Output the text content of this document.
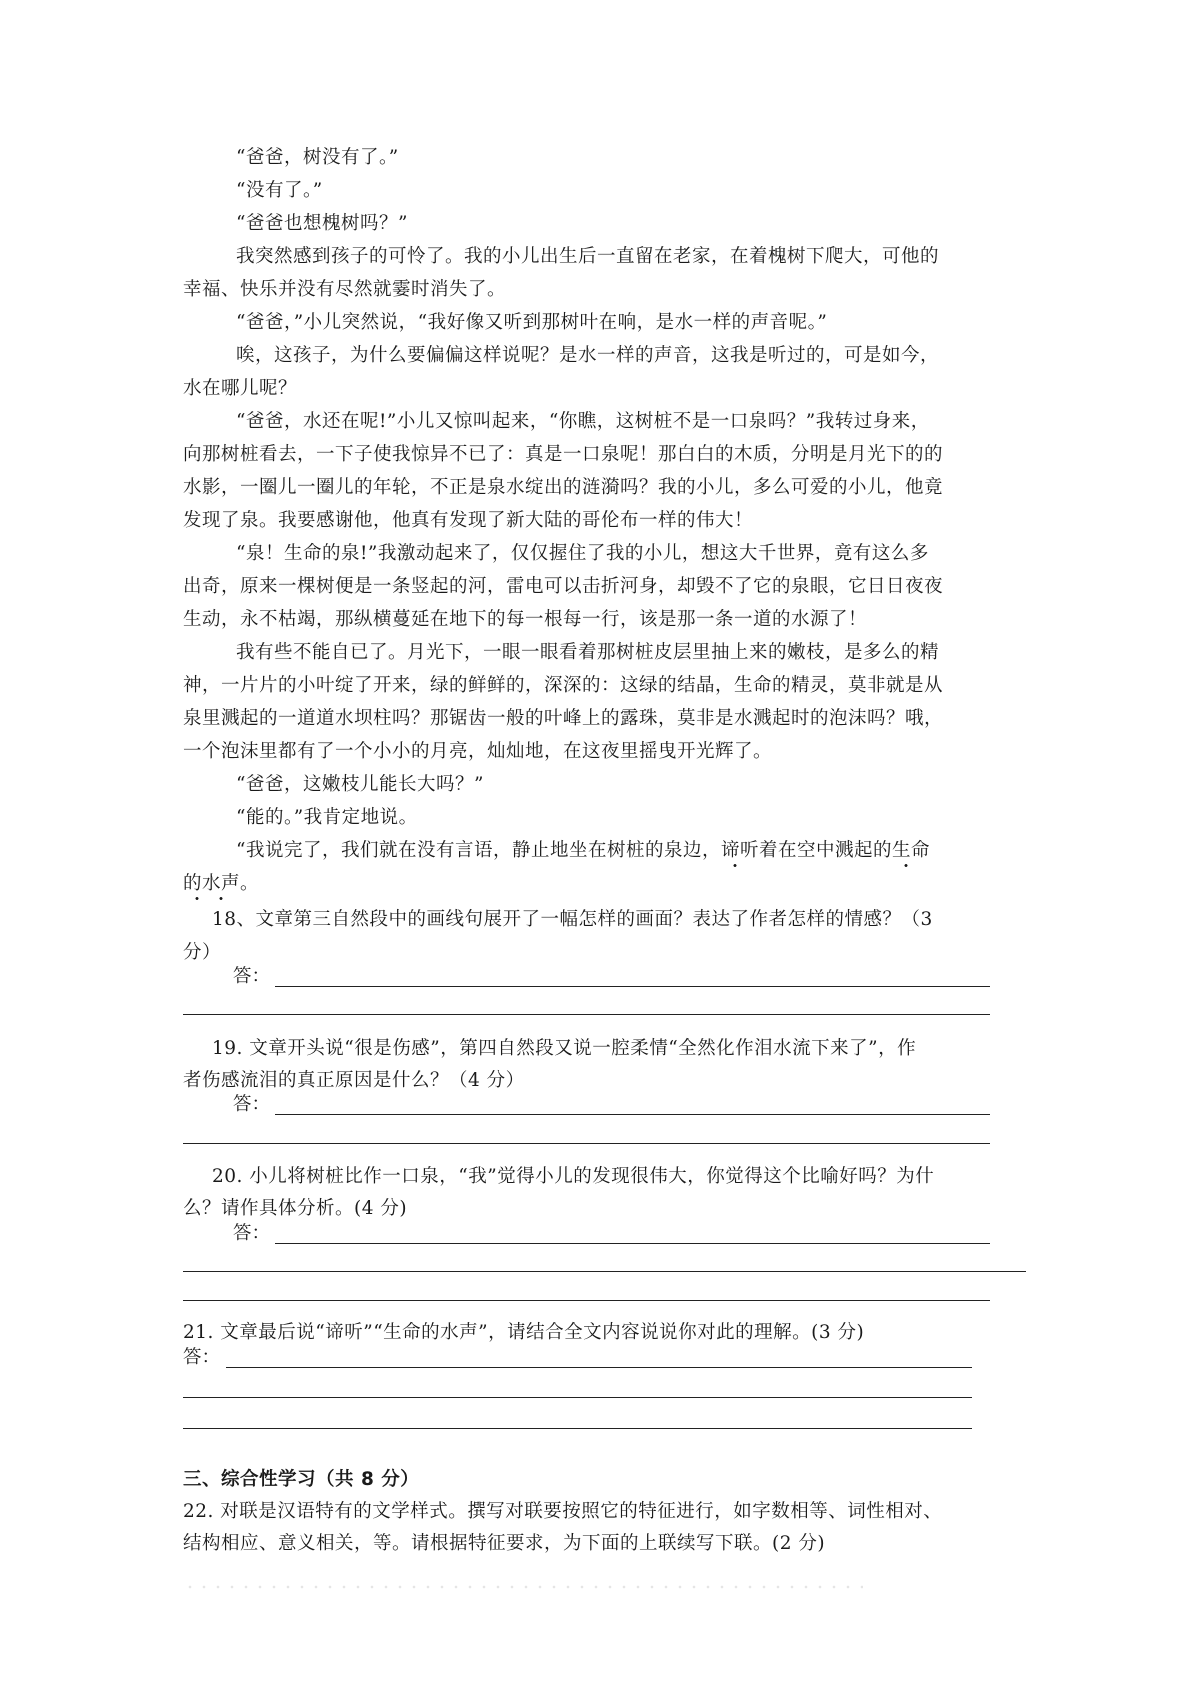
“爸爸，树没有了。”
“没有了。”
“爸爸也想槐树吗？”
我突然感到孩子的可怜了。我的小儿出生后一直留在老家，在着槐树下爬大，可他的
幸福、快乐并没有尽然就霎时消失了。
“爸爸，”小儿突然说，“我好像又听到那树叶在响，是水一样的声音呢。”
唉，这孩子，为什么要偏偏这样说呢？是水一样的声音，这我是听过的，可是如今，
水在哪儿呢？
“爸爸，水还在呢!”小儿又惊叫起来，“你瞧，这树桩不是一口泉吗？”我转过身来，
向那树桩看去，一下子使我惊异不已了：真是一口泉呢！那白白的木质，分明是月光下的的
水影，一圈儿一圈儿的年轮，不正是泉水绽出的涟漪吗？我的小儿，多么可爱的小儿，他竟
发现了泉。我要感谢他，他真有发现了新大陆的哥伦布一样的伟大！
“泉！生命的泉!”我激动起来了，仅仅握住了我的小儿，想这大千世界，竟有这么多
出奇，原来一棵树便是一条竖起的河，雷电可以击折河身，却毁不了它的泉眼，它日日夜夜
生动，永不枯竭，那纵横蔓延在地下的每一根每一行，该是那一条一道的水源了！
我有些不能自已了。月光下，一眼一眼看着那树桩皮层里抽上来的嫩枝，是多么的精
神，一片片的小叶绽了开来，绿的鲜鲜的，深深的：这绿的结晶，生命的精灵，莫非就是从
泉里溅起的一道道水坝柱吗？那锯齿一般的叶峰上的露珠，莫非是水溅起时的泡沫吗？哦，
一个泡沫里都有了一个小小的月亮，灿灿地，在这夜里摇曳开光辉了。
“爸爸，这嫩枝儿能长大吗？”
“能的。”我肯定地说。
“我说完了，我们就在没有言语，静止地坐在树桩的泉边，谛听着在空中溅起的生命
的水声。
18、文章第三自然段中的画线句展开了一幅怎样的画面？表达了作者怎样的情感？（3
分）
答：
19. 文章开头说“很是伤感”，第四自然段又说一腔柔情“全然化作泪水流下来了”，作
者伤感流泪的真正原因是什么？（4 分）
答：
20. 小儿将树桩比作一口泉，“我”觉得小儿的发现很伟大，你觉得这个比喻好吗？为什
么？请作具体分析。(4 分)
答：
21. 文章最后说“谛听”“生命的水声”，请结合全文内容说说你对此的理解。(3 分)
答：
三、综合性学习（共 8 分）
22. 对联是汉语特有的文学样式。撰写对联要按照它的特征进行，如字数相等、词性相对、
结构相应、意义相关，等。请根据特征要求，为下面的上联续写下联。(2 分)
